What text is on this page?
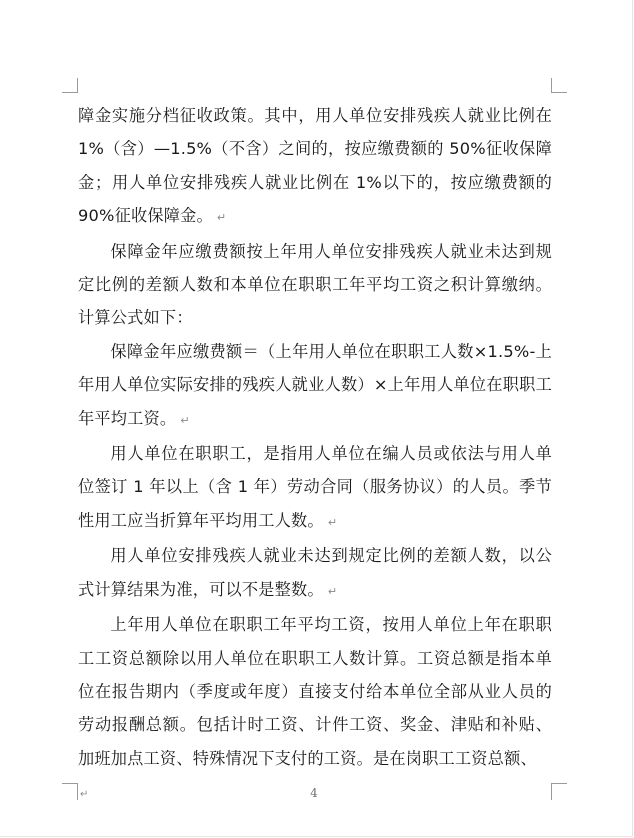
障金实施分档征收政策。其中，用人单位安排残疾人就业比例在1%（含）—1.5%（不含）之间的，按应缴费额的 50%征收保障金；用人单位安排残疾人就业比例在 1%以下的，按应缴费额的90%征收保障金。 ↵

保障金年应缴费额按上年用人单位安排残疾人就业未达到规定比例的差额人数和本单位在职职工年平均工资之积计算缴纳。计算公式如下：

保障金年应缴费额＝（上年用人单位在职职工人数×1.5%-上年用人单位实际安排的残疾人就业人数）×上年用人单位在职职工年平均工资。 ↵

用人单位在职职工，是指用人单位在编人员或依法与用人单位签订 1 年以上（含 1 年）劳动合同（服务协议）的人员。季节性用工应当折算年平均用工人数。 ↵

用人单位安排残疾人就业未达到规定比例的差额人数，以公式计算结果为准，可以不是整数。 ↵

上年用人单位在职职工年平均工资，按用人单位上年在职职工工资总额除以用人单位在职职工人数计算。工资总额是指本单位在报告期内（季度或年度）直接支付给本单位全部从业人员的劳动报酬总额。包括计时工资、计件工资、奖金、津贴和补贴、加班加点工资、特殊情况下支付的工资。是在岗职工工资总额、

↵	4
